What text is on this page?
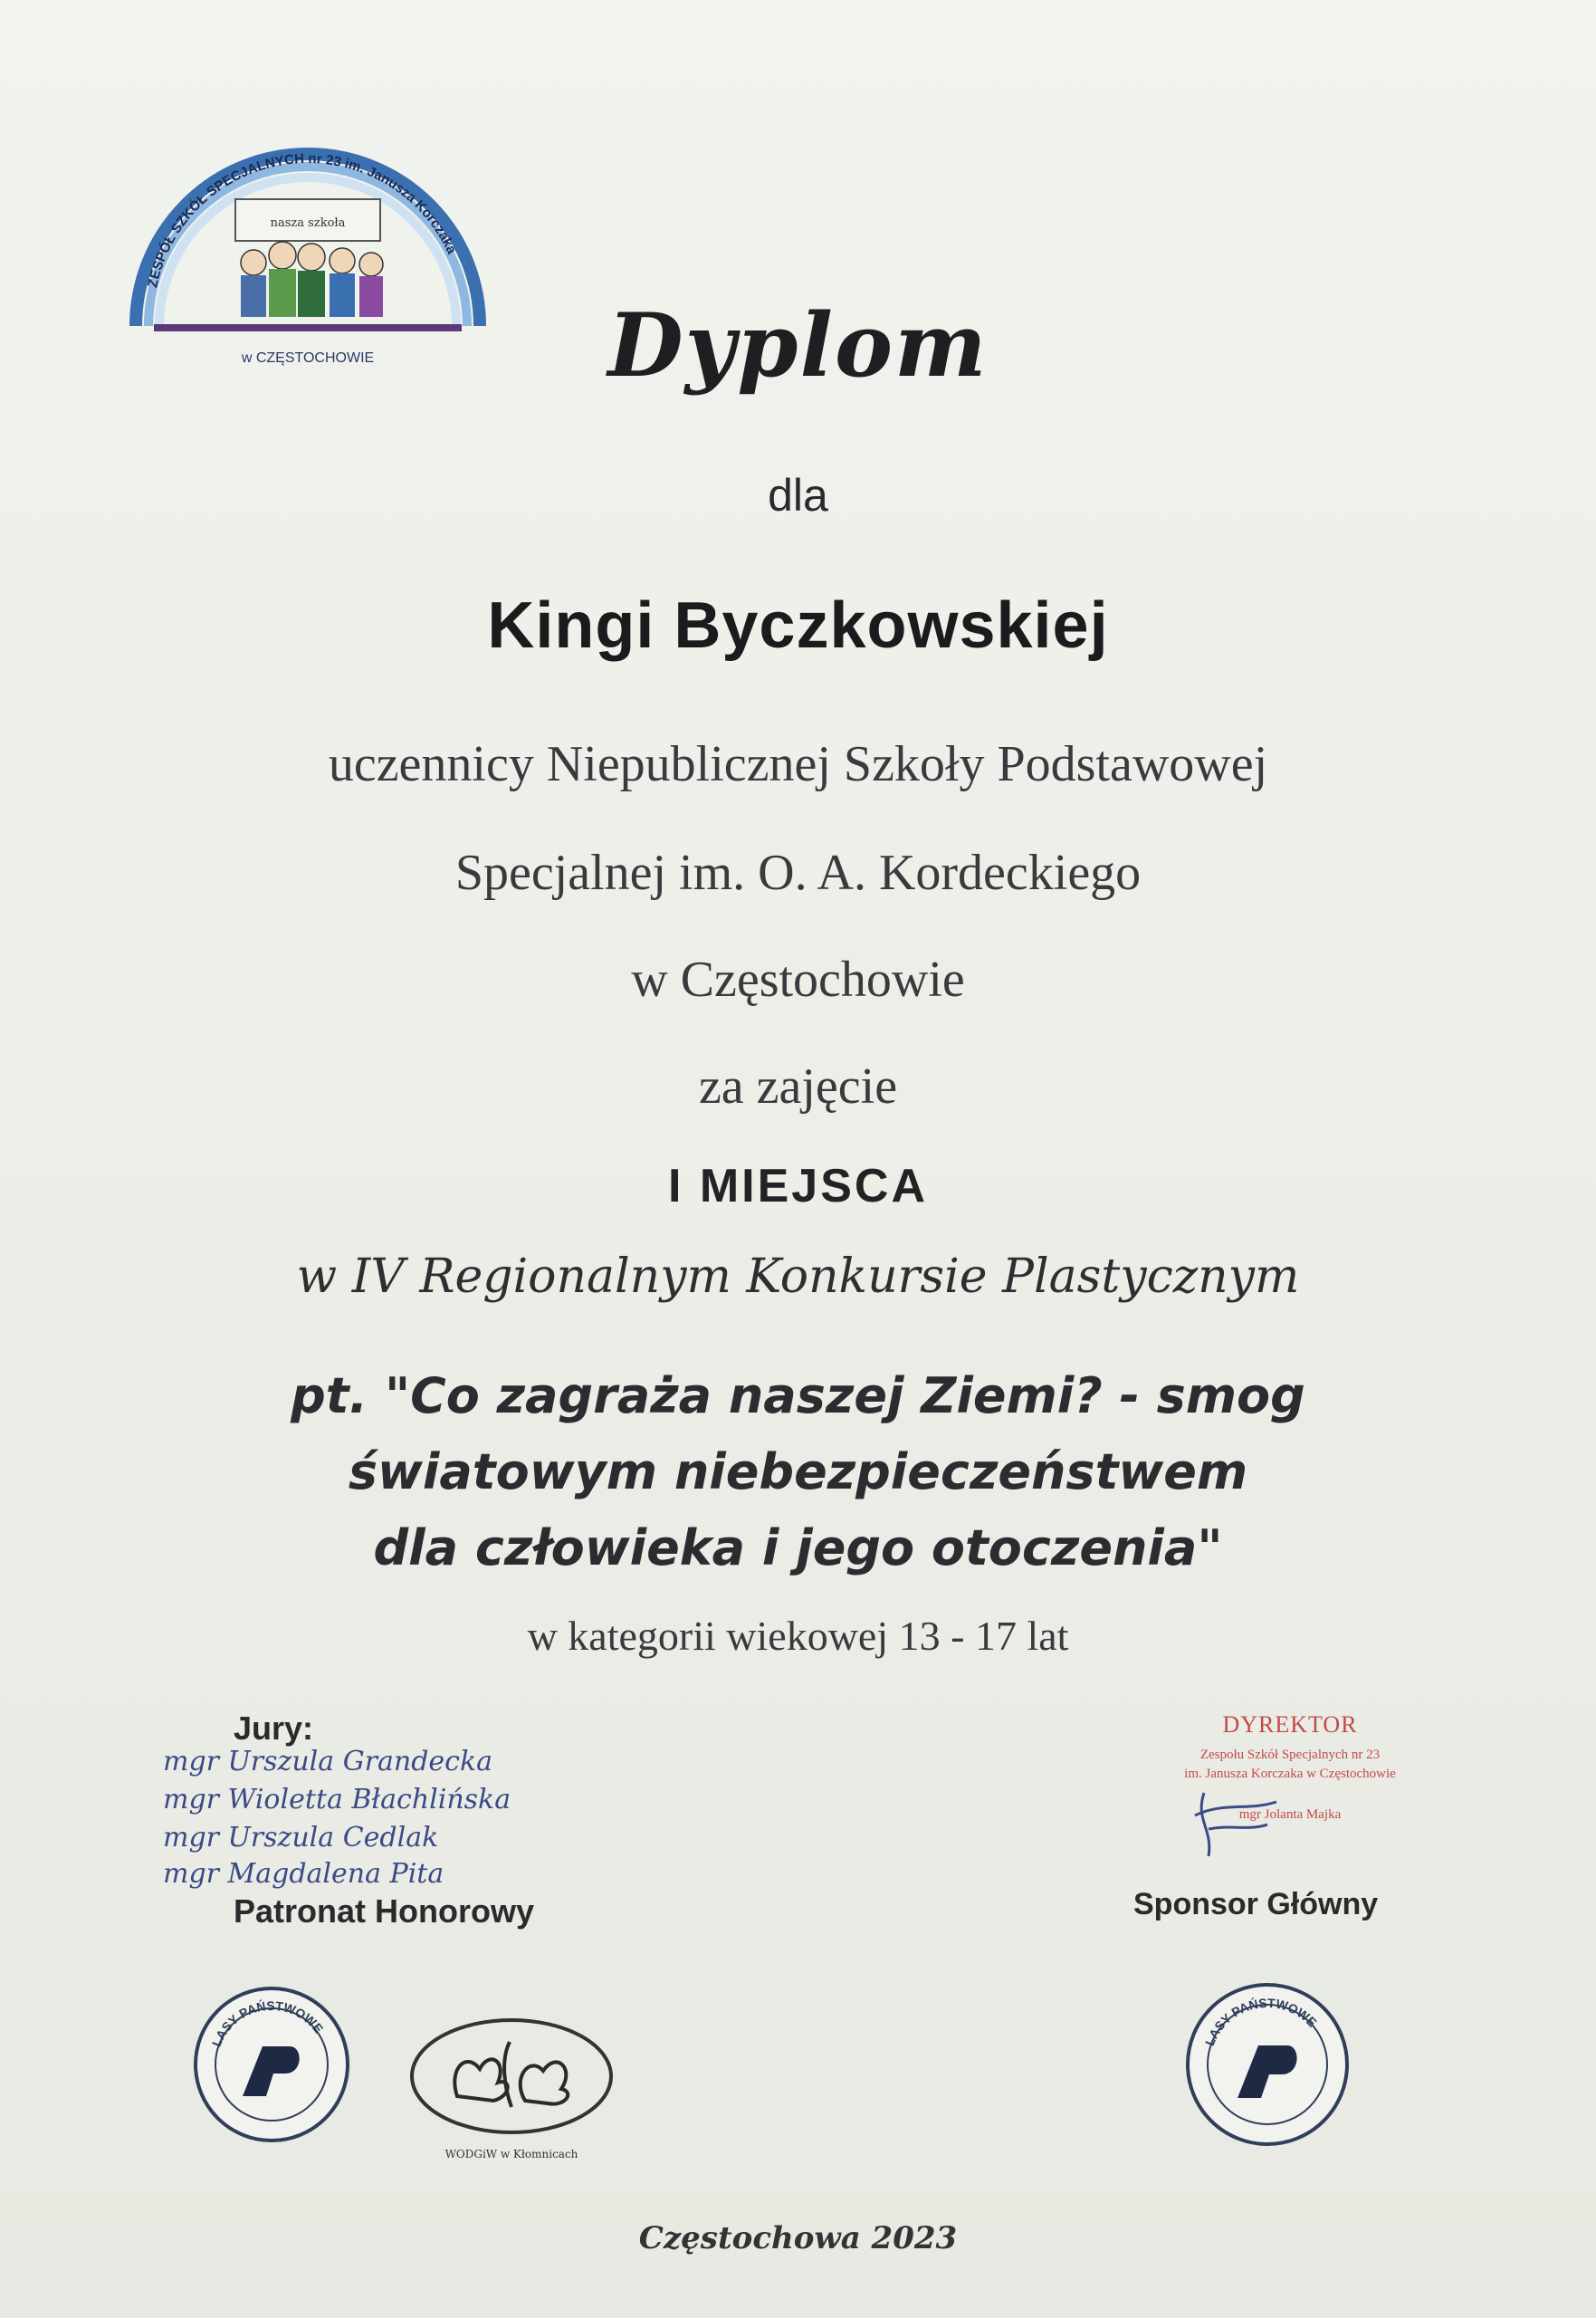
ZESPÓŁ SZKÓŁ SPECJALNYCH nr 23 im. Janusza Korczaka
nasza szkoła
w CZĘSTOCHOWIE	Dyplom
dla
Kingi Byczkowskiej
uczennicy Niepublicznej Szkoły Podstawowej
Specjalnej im. O. A. Kordeckiego
w Częstochowie
za zajęcie
I MIEJSCA
w IV Regionalnym Konkursie Plastycznym
pt. "Co zagraża naszej Ziemi? - smog
światowym niebezpieczeństwem
dla człowieka i jego otoczenia"
w kategorii wiekowej 13 - 17 lat
Jury:
mgr Urszula Grandecka
mgr Wioletta Błachlińska
mgr Urszula Cedlak
mgr Magdalena Pita
Patronat Honorowy
DYREKTOR
Zespołu Szkół Specjalnych nr 23
im. Janusza Korczaka w Częstochowie
mgr Jolanta Majka
Sponsor Główny
LASY PAŃSTWOWE
WODGiW w Kłomnicach
LASY PAŃSTWOWE
Częstochowa 2023
